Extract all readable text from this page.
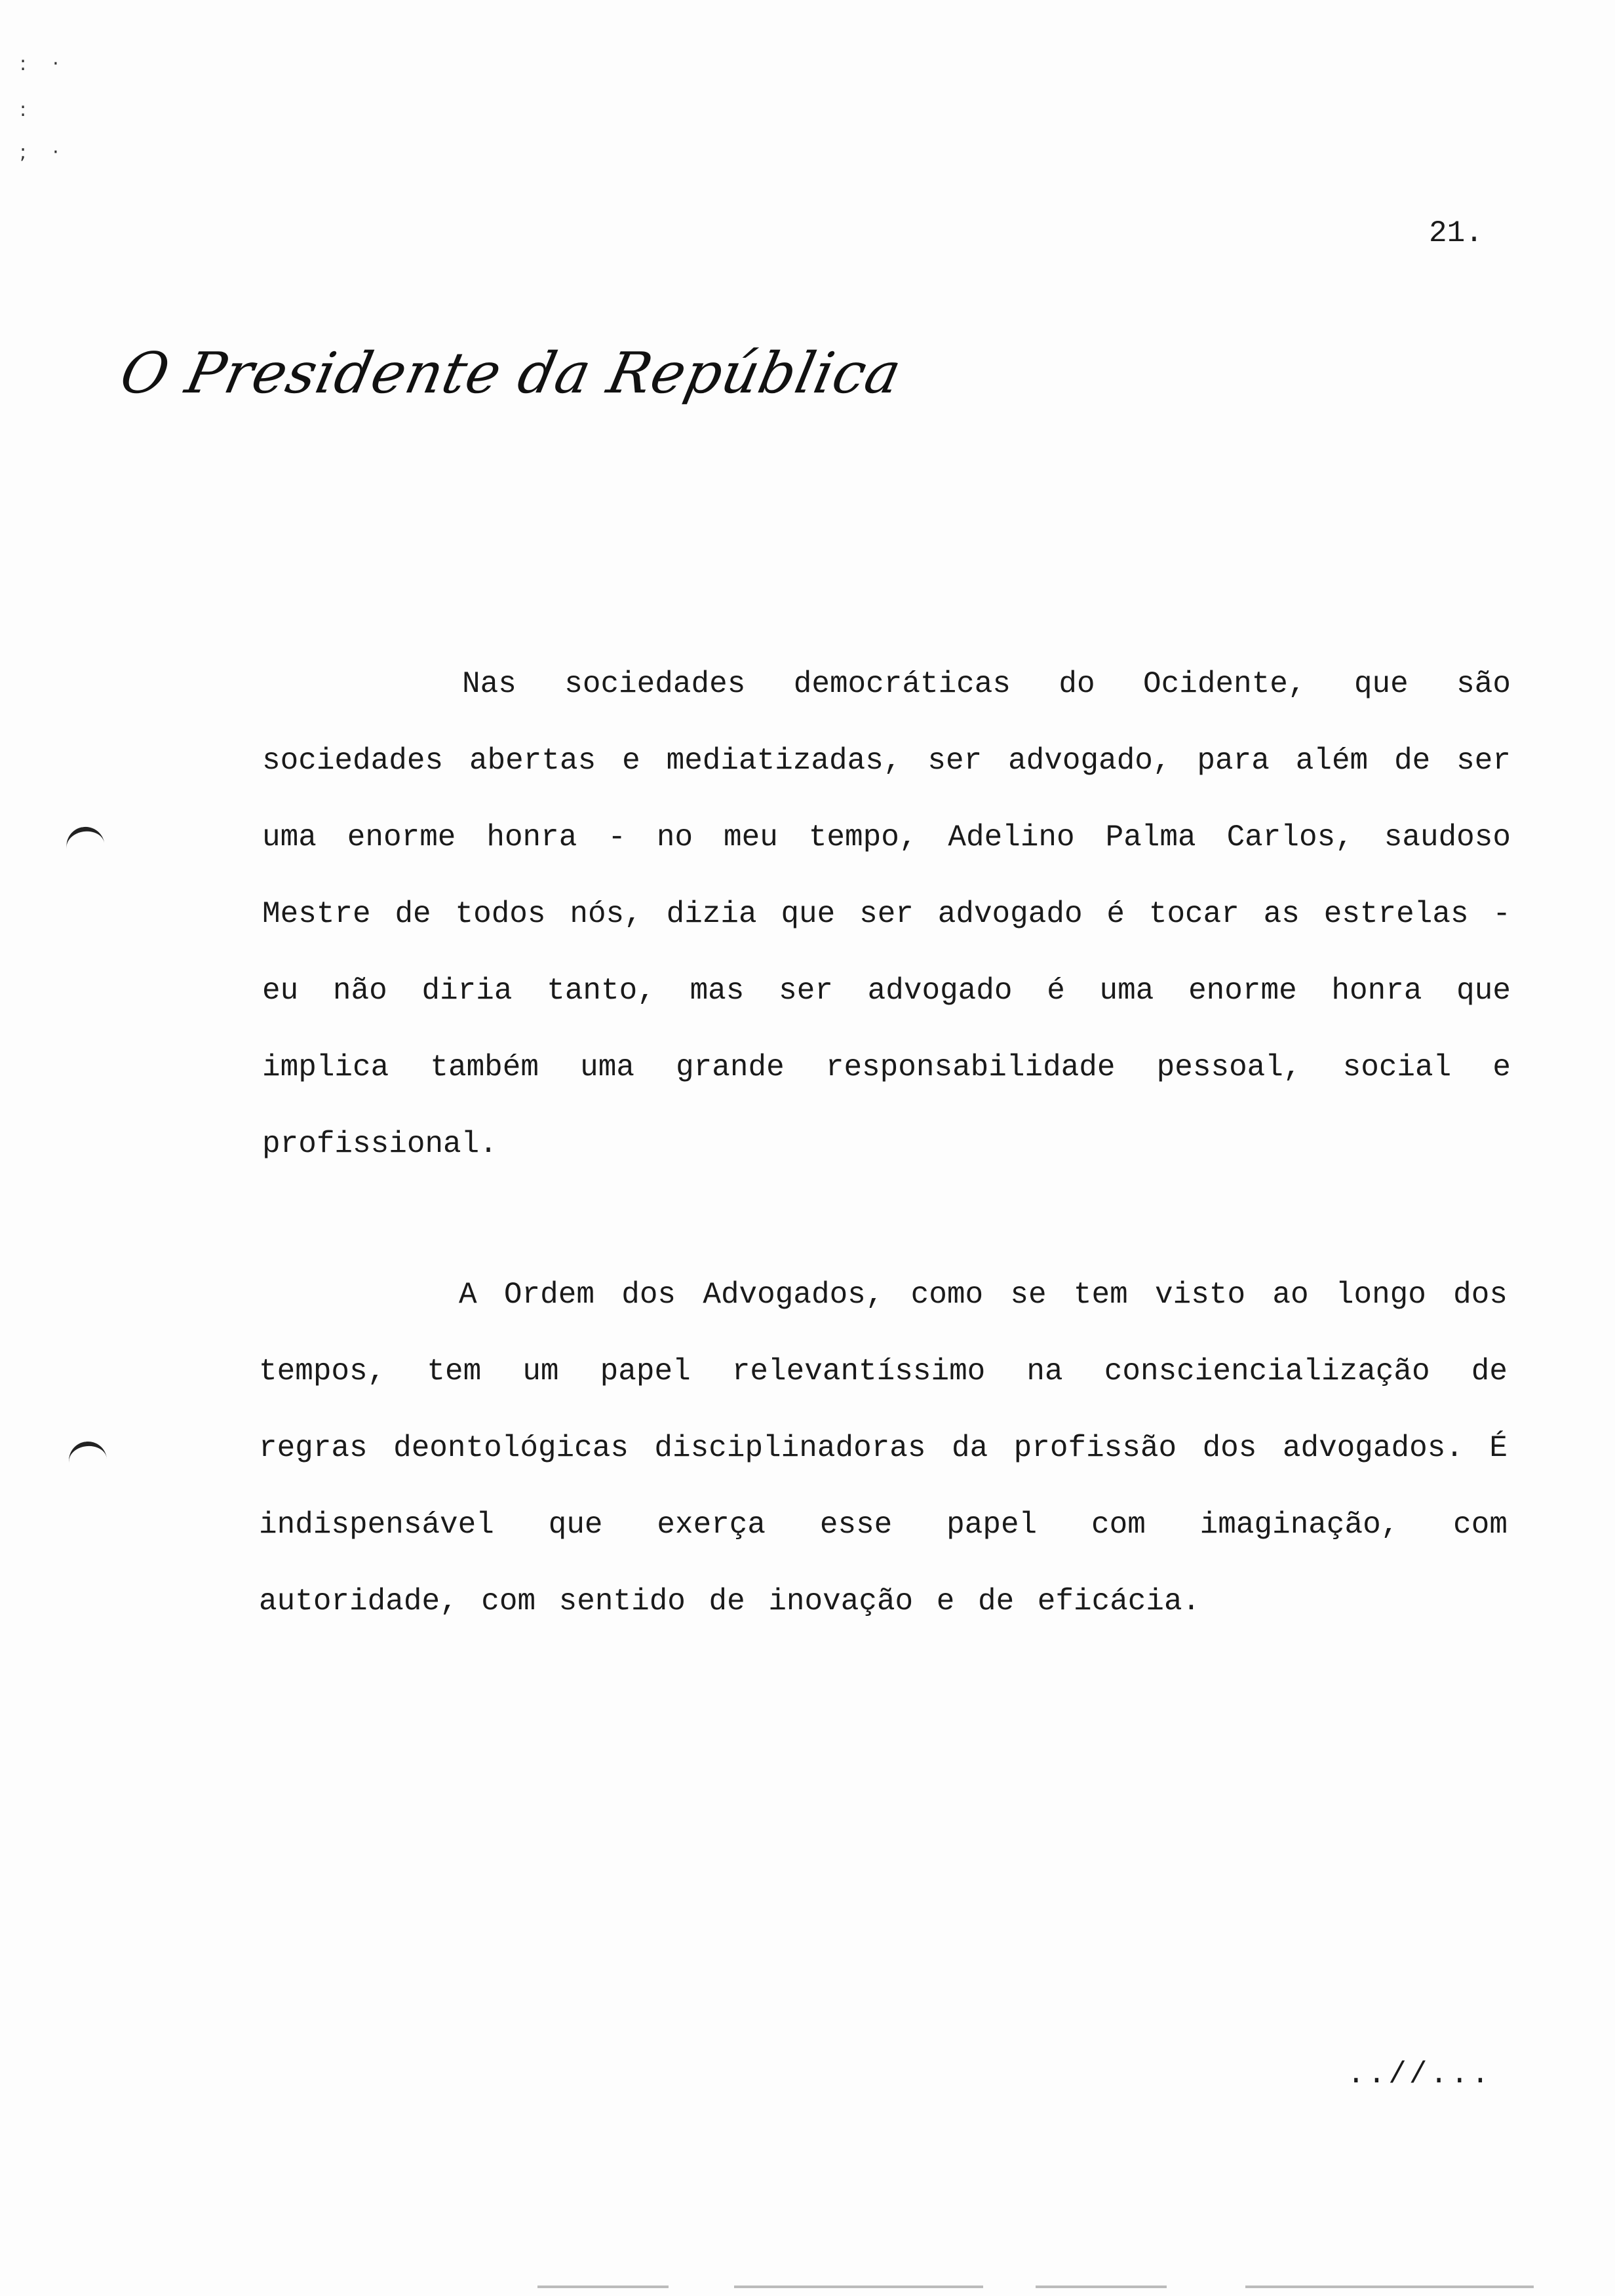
:·
:
;·
21.
O Presidente da República

Nas sociedades democráticas do Ocidente, que são sociedades abertas e mediatizadas, ser advogado, para além de ser uma enorme honra - no meu tempo, Adelino Palma Carlos, saudoso Mestre de todos nós, dizia que ser advogado é tocar as estrelas - eu não diria tanto, mas ser advogado é uma enorme honra que implica também uma grande responsabilidade pessoal, social e profissional.

A Ordem dos Advogados, como se tem visto ao longo dos tempos, tem um papel relevantíssimo na consciencialização de regras deontológicas disciplinadoras da profissão dos advogados. É indispensável que exerça esse papel com imaginação, com autoridade, com sentido de inovação e de eficácia.

..//...
